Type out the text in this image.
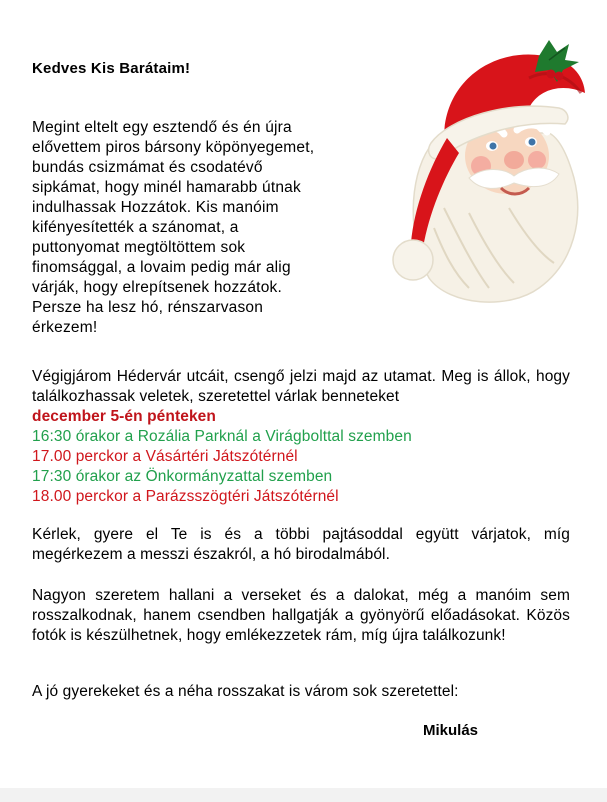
Kedves Kis Barátaim!
Megint eltelt egy esztendő és én újra
elővettem piros bársony köpönyegemet,
bundás csizmámat és csodatévő
sipkámat, hogy minél hamarabb útnak
indulhassak Hozzátok. Kis manóim
kifényesítették a szánomat, a
puttonyomat megtöltöttem sok
finomsággal, a lovaim pedig már alig
várják, hogy elrepítsenek hozzátok.
Persze ha lesz hó, rénszarvason
érkezem!
Végigjárom Hédervár utcáit, csengő jelzi majd az utamat. Meg is állok, hogy találkozhassak veletek, szeretettel várlak benneteket
december 5-én pénteken
16:30 órakor a Rozália Parknál a Virágbolttal szemben
17.00 perckor a Vásártéri Játszótérnél
17:30 órakor az Önkormányzattal szemben
18.00 perckor a Parázsszögtéri Játszótérnél
Kérlek, gyere el Te is és a többi pajtásoddal együtt várjatok, míg megérkezem a messzi északról, a hó birodalmából.
Nagyon szeretem hallani a verseket és a dalokat, még a manóim sem rosszalkodnak, hanem csendben hallgatják a gyönyörű előadásokat. Közös fotók is készülhetnek, hogy emlékezzetek rám, míg újra találkozunk!
A jó gyerekeket és a néha rosszakat is várom sok szeretettel:
Mikulás
